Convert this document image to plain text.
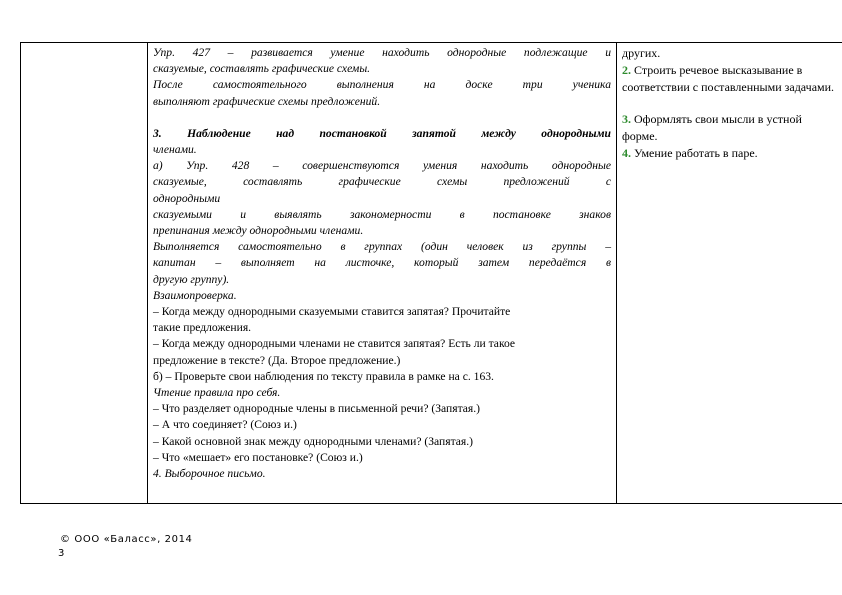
Упр. 427 – развивается умение находить однородные подлежащие и
сказуемые, составлять графические схемы.
После самостоятельного выполнения на доске три ученика
выполняют графические схемы предложений.
3. Наблюдение над постановкой запятой между однородными
членами.
а) Упр. 428 – совершенствуются умения находить однородные
сказуемые, составлять графические схемы предложений с
однородными
сказуемыми и выявлять закономерности в постановке знаков
препинания между однородными членами.
Выполняется самостоятельно в группах (один человек из группы –
капитан – выполняет на листочке, который затем передаётся в
другую группу).
Взаимопроверка.
– Когда между однородными сказуемыми ставится запятая? Прочитайте
такие предложения.
– Когда между однородными членами не ставится запятая? Есть ли такое
предложение в тексте? (Да. Второе предложение.)
б) – Проверьте свои наблюдения по тексту правила в рамке на с. 163.
Чтение правила про себя.
– Что разделяет однородные члены в письменной речи? (Запятая.)
– А что соединяет? (Союз и.)
– Какой основной знак между однородными членами? (Запятая.)
– Что «мешает» его постановке? (Союз и.)
4. Выборочное письмо.
других.
2. Строить речевое высказывание в
соответствии с поставленными задачами.
3. Оформлять свои мысли в устной
форме.
4. Умение работать в паре.
© ООО «Баласс», 2014
3
